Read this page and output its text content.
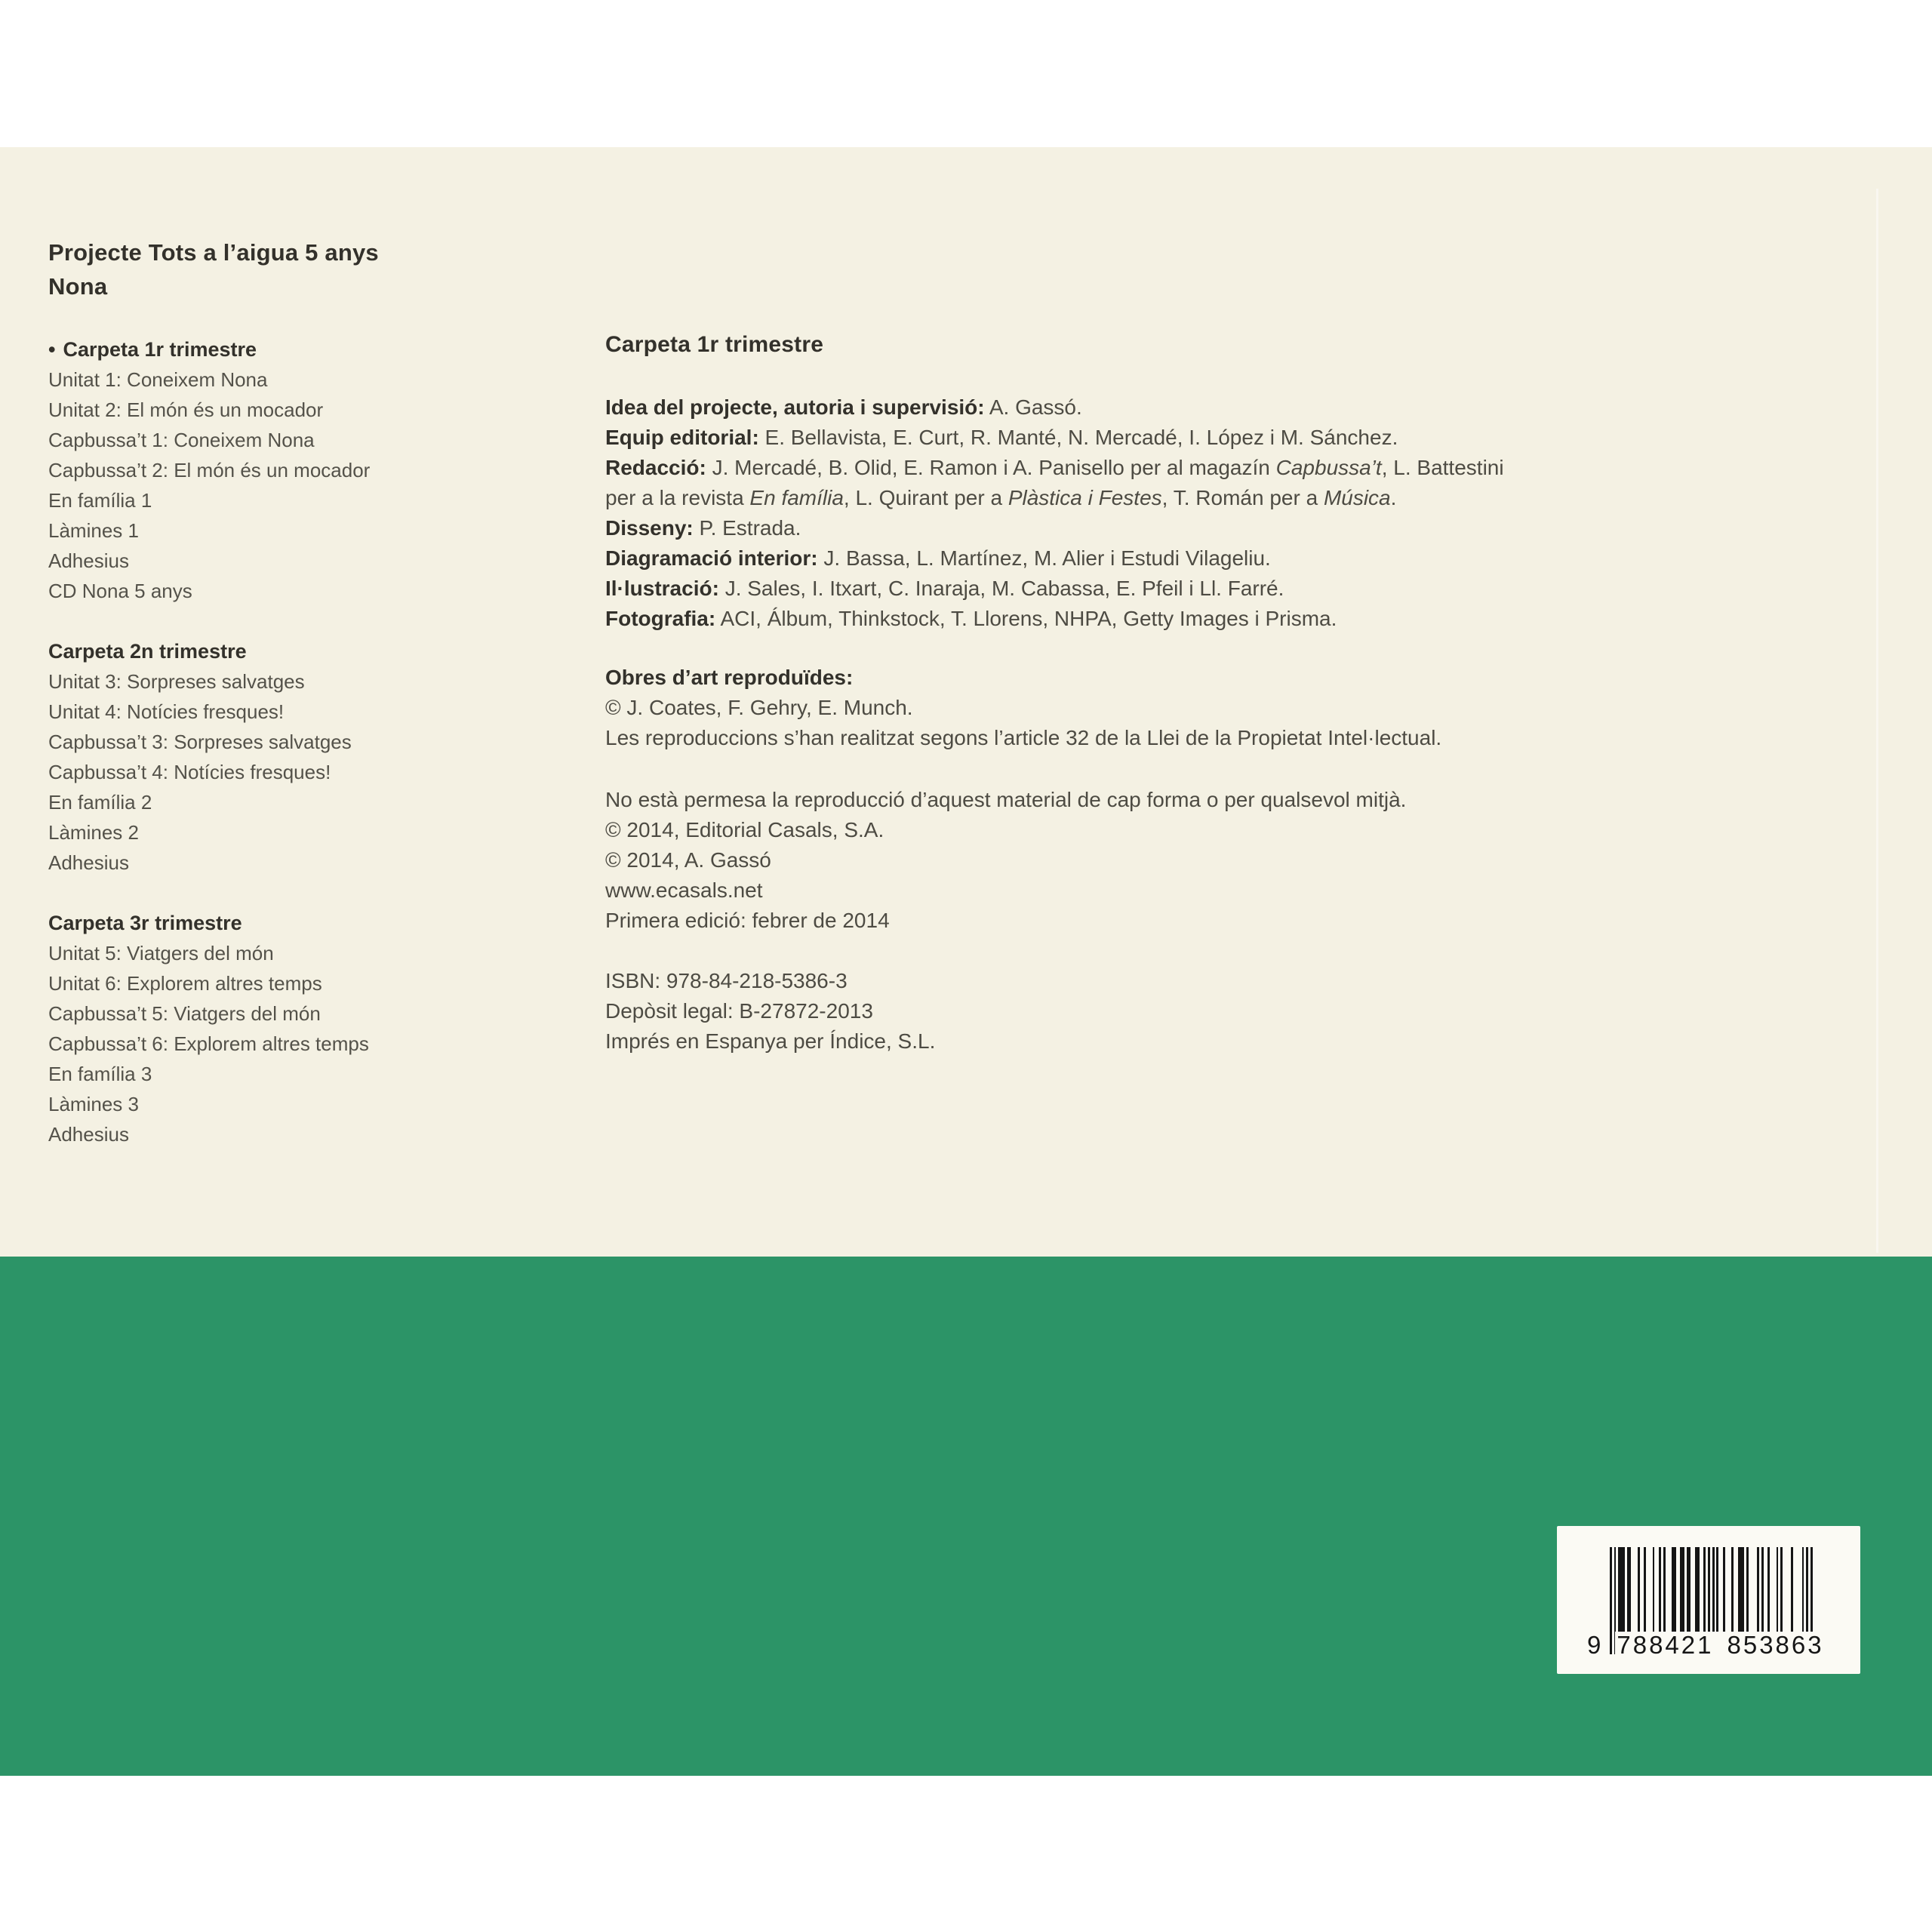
Projecte Tots a l’aigua 5 anys
Nona
• Carpeta 1r trimestre
Unitat 1: Coneixem Nona
Unitat 2: El món és un mocador
Capbussa’t 1: Coneixem Nona
Capbussa’t 2: El món és un mocador
En família 1
Làmines 1
Adhesius
CD Nona 5 anys
Carpeta 2n trimestre
Unitat 3: Sorpreses salvatges
Unitat 4: Notícies fresques!
Capbussa’t 3: Sorpreses salvatges
Capbussa’t 4: Notícies fresques!
En família 2
Làmines 2
Adhesius
Carpeta 3r trimestre
Unitat 5: Viatgers del món
Unitat 6: Explorem altres temps
Capbussa’t 5: Viatgers del món
Capbussa’t 6: Explorem altres temps
En família 3
Làmines 3
Adhesius
Carpeta 1r trimestre
Idea del projecte, autoria i supervisió: A. Gassó.
Equip editorial: E. Bellavista, E. Curt, R. Manté, N. Mercadé, I. López i M. Sánchez.
Redacció: J. Mercadé, B. Olid, E. Ramon i A. Panisello per al magazín Capbussa’t, L. Battestini
per a la revista En família, L. Quirant per a Plàstica i Festes, T. Román per a Música.
Disseny: P. Estrada.
Diagramació interior: J. Bassa, L. Martínez, M. Alier i Estudi Vilageliu.
Il·lustració: J. Sales, I. Itxart, C. Inaraja, M. Cabassa, E. Pfeil i Ll. Farré.
Fotografia: ACI, Álbum, Thinkstock, T. Llorens, NHPA, Getty Images i Prisma.
Obres d’art reproduïdes:
© J. Coates, F. Gehry, E. Munch.
Les reproduccions s’han realitzat segons l’article 32 de la Llei de la Propietat Intel·lectual.
No està permesa la reproducció d’aquest material de cap forma o per qualsevol mitjà.
© 2014, Editorial Casals, S.A.
© 2014, A. Gassó
www.ecasals.net
Primera edició: febrer de 2014
ISBN: 978-84-218-5386-3
Depòsit legal: B-27872-2013
Imprés en Espanya per Índice, S.L.
9 788421 853863
